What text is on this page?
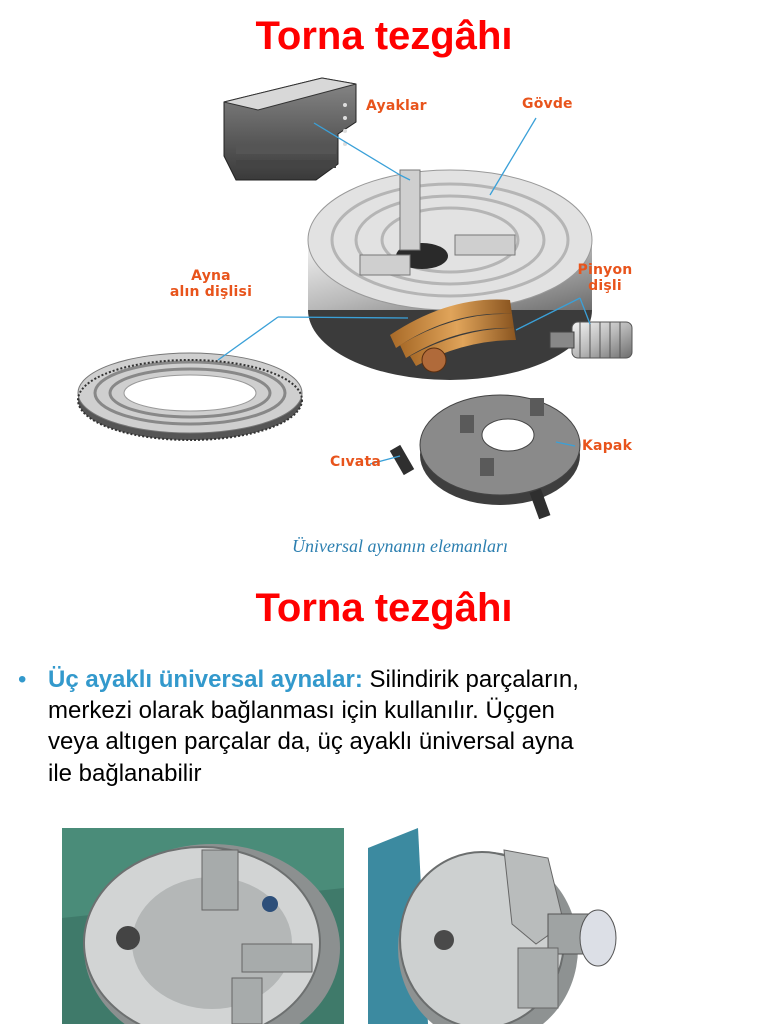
Torna tezgâhı
Ayaklar	Gövde
Ayna
alın dişlisi
Pinyon
dişli
Cıvata
Kapak
Üniversal aynanın elemanları
Torna tezgâhı
• Üç ayaklı üniversal aynalar: Silindirik parçaların,
merkezi olarak bağlanması için kullanılır. Üçgen
veya altıgen parçalar da, üç ayaklı üniversal ayna
ile bağlanabilir
